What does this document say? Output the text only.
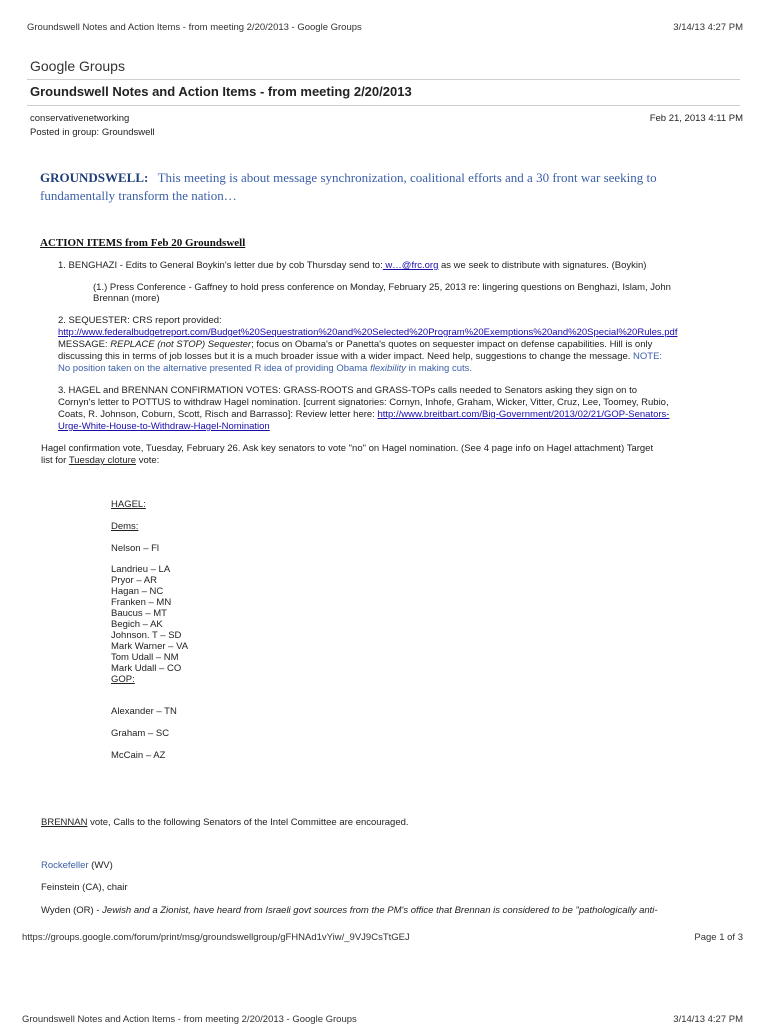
Groundswell Notes and Action Items - from meeting 2/20/2013 - Google Groups	3/14/13 4:27 PM
Google Groups
Groundswell Notes and Action Items - from meeting 2/20/2013
conservativenetworking	Feb 21, 2013 4:11 PM
Posted in group: Groundswell
GROUNDSWELL: This meeting is about message synchronization, coalitional efforts and a 30 front war seeking to
fundamentally transform the nation…
ACTION ITEMS from Feb 20 Groundswell
1. BENGHAZI - Edits to General Boykin's letter due by cob Thursday send to: w…@frc.org as we seek to distribute with signatures. (Boykin)
(1.) Press Conference - Gaffney to hold press conference on Monday, February 25, 2013 re: lingering questions on Benghazi, Islam, John
Brennan (more)
2. SEQUESTER: CRS report provided:
http://www.federalbudgetreport.com/Budget%20Sequestration%20and%20Selected%20Program%20Exemptions%20and%20Special%20Rules.pdf
MESSAGE: REPLACE (not STOP) Sequester; focus on Obama's or Panetta's quotes on sequester impact on defense capabilities. Hill is only
discussing this in terms of job losses but it is a much broader issue with a wider impact. Need help, suggestions to change the message. NOTE:
No position taken on the alternative presented R idea of providing Obama flexibility in making cuts.
3. HAGEL and BRENNAN CONFIRMATION VOTES: GRASS-ROOTS and GRASS-TOPs calls needed to Senators asking they sign on to
Cornyn's letter to POTTUS to withdraw Hagel nomination. [current signatories: Cornyn, Inhofe, Graham, Wicker, Vitter, Cruz, Lee, Toomey, Rubio,
Coats, R. Johnson, Coburn, Scott, Risch and Barrasso]: Review letter here: http://www.breitbart.com/Big-Government/2013/02/21/GOP-Senators-
Urge-White-House-to-Withdraw-Hagel-Nomination
Hagel confirmation vote, Tuesday, February 26. Ask key senators to vote "no" on Hagel nomination. (See 4 page info on Hagel attachment) Target
list for Tuesday cloture vote:
HAGEL:
Dems:
Nelson – Fl
Landrieu – LA
Pryor – AR
Hagan – NC
Franken – MN
Baucus – MT
Begich – AK
Johnson. T – SD
Mark Warner – VA
Tom Udall – NM
Mark Udall – CO
GOP:
Alexander – TN
Graham – SC
McCain – AZ
BRENNAN vote, Calls to the following Senators of the Intel Committee are encouraged.
Rockefeller (WV)
Feinstein (CA), chair
Wyden (OR) - Jewish and a Zionist, have heard from Israeli govt sources from the PM's office that Brennan is considered to be "pathologically anti-
https://groups.google.com/forum/print/msg/groundswellgroup/gFHNAd1vYiw/_9VJ9CsTtGEJ	Page 1 of 3
Groundswell Notes and Action Items - from meeting 2/20/2013 - Google Groups	3/14/13 4:27 PM
